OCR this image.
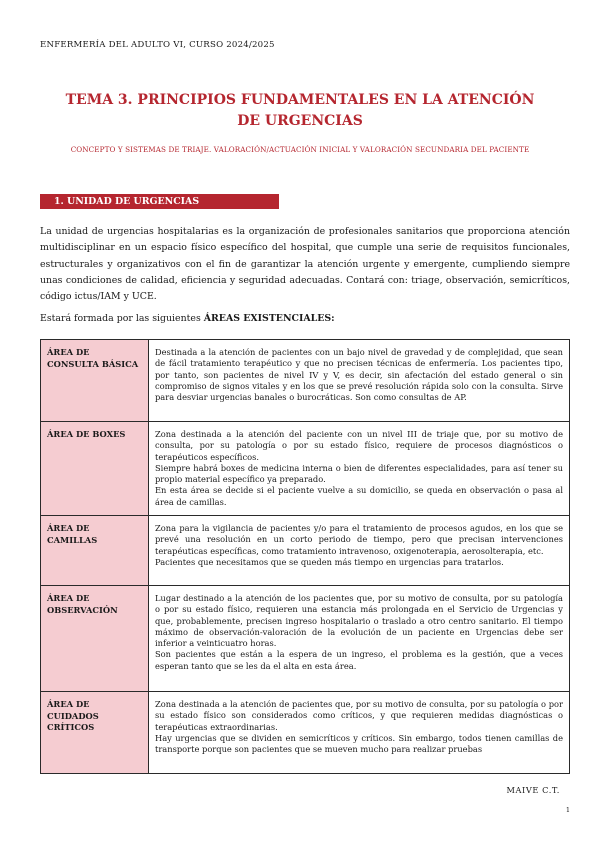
ENFERMERÍA DEL ADULTO VI, CURSO 2024/2025
TEMA 3. PRINCIPIOS FUNDAMENTALES EN LA ATENCIÓN DE URGENCIAS
CONCEPTO Y SISTEMAS DE TRIAJE. VALORACIÓN/ACTUACIÓN INICIAL Y VALORACIÓN SECUNDARIA DEL PACIENTE
1. UNIDAD DE URGENCIAS HOSPITALARIAS

La unidad de urgencias hospitalarias es la organización de profesionales sanitarios que proporciona atención multidisciplinar en un espacio físico específico del hospital, que cumple una serie de requisitos funcionales, estructurales y organizativos con el fin de garantizar la atención urgente y emergente, cumpliendo siempre unas condiciones de calidad, eficiencia y seguridad adecuadas. Contará con: triage, observación, semicríticos, código ictus/IAM y UCE.

Estará formada por las siguientes ÁREAS EXISTENCIALES:
ÁREA DE CONSULTA BÁSICA	Destinada a la atención de pacientes con un bajo nivel de gravedad y de complejidad, que sean de fácil tratamiento terapéutico y que no precisen técnicas de enfermería. Los pacientes tipo, por tanto, son pacientes de nivel IV y V, es decir, sin afectación del estado general o sin compromiso de signos vitales y en los que se prevé resolución rápida solo con la consulta. Sirve para desviar urgencias banales o burocráticas. Son como consultas de AP.

ÁREA DE BOXES	Zona destinada a la atención del paciente con un nivel III de triaje que, por su motivo de consulta, por su patología o por su estado físico, requiere de procesos diagnósticos o terapéuticos específicos.
Siempre habrá boxes de medicina interna o bien de diferentes especialidades, para así tener su propio material específico ya preparado.
En esta área se decide si el paciente vuelve a su domicilio, se queda en observación o pasa al área de camillas.

ÁREA DE CAMILLAS	Zona para la vigilancia de pacientes y/o para el tratamiento de procesos agudos, en los que se prevé una resolución en un corto periodo de tiempo, pero que precisan intervenciones terapéuticas específicas, como tratamiento intravenoso, oxigenoterapia, aerosolterapia, etc.
Pacientes que necesitamos que se queden más tiempo en urgencias para tratarlos.

ÁREA DE OBSERVACIÓN	Lugar destinado a la atención de los pacientes que, por su motivo de consulta, por su patología o por su estado físico, requieren una estancia más prolongada en el Servicio de Urgencias y que, probablemente, precisen ingreso hospitalario o traslado a otro centro sanitario. El tiempo máximo de observación-valoración de la evolución de un paciente en Urgencias debe ser inferior a veinticuatro horas.
Son pacientes que están a la espera de un ingreso, el problema es la gestión, que a veces esperan tanto que se les da el alta en esta área.

ÁREA DE CUIDADOS CRÍTICOS	Zona destinada a la atención de pacientes que, por su motivo de consulta, por su patología o por su estado físico son considerados como críticos, y que requieren medidas diagnósticas o terapéuticas extraordinarias.
Hay urgencias que se dividen en semicríticos y críticos. Sin embargo, todos tienen camillas de transporte porque son pacientes que se mueven mucho para realizar pruebas
MAIVE C.T.
1
